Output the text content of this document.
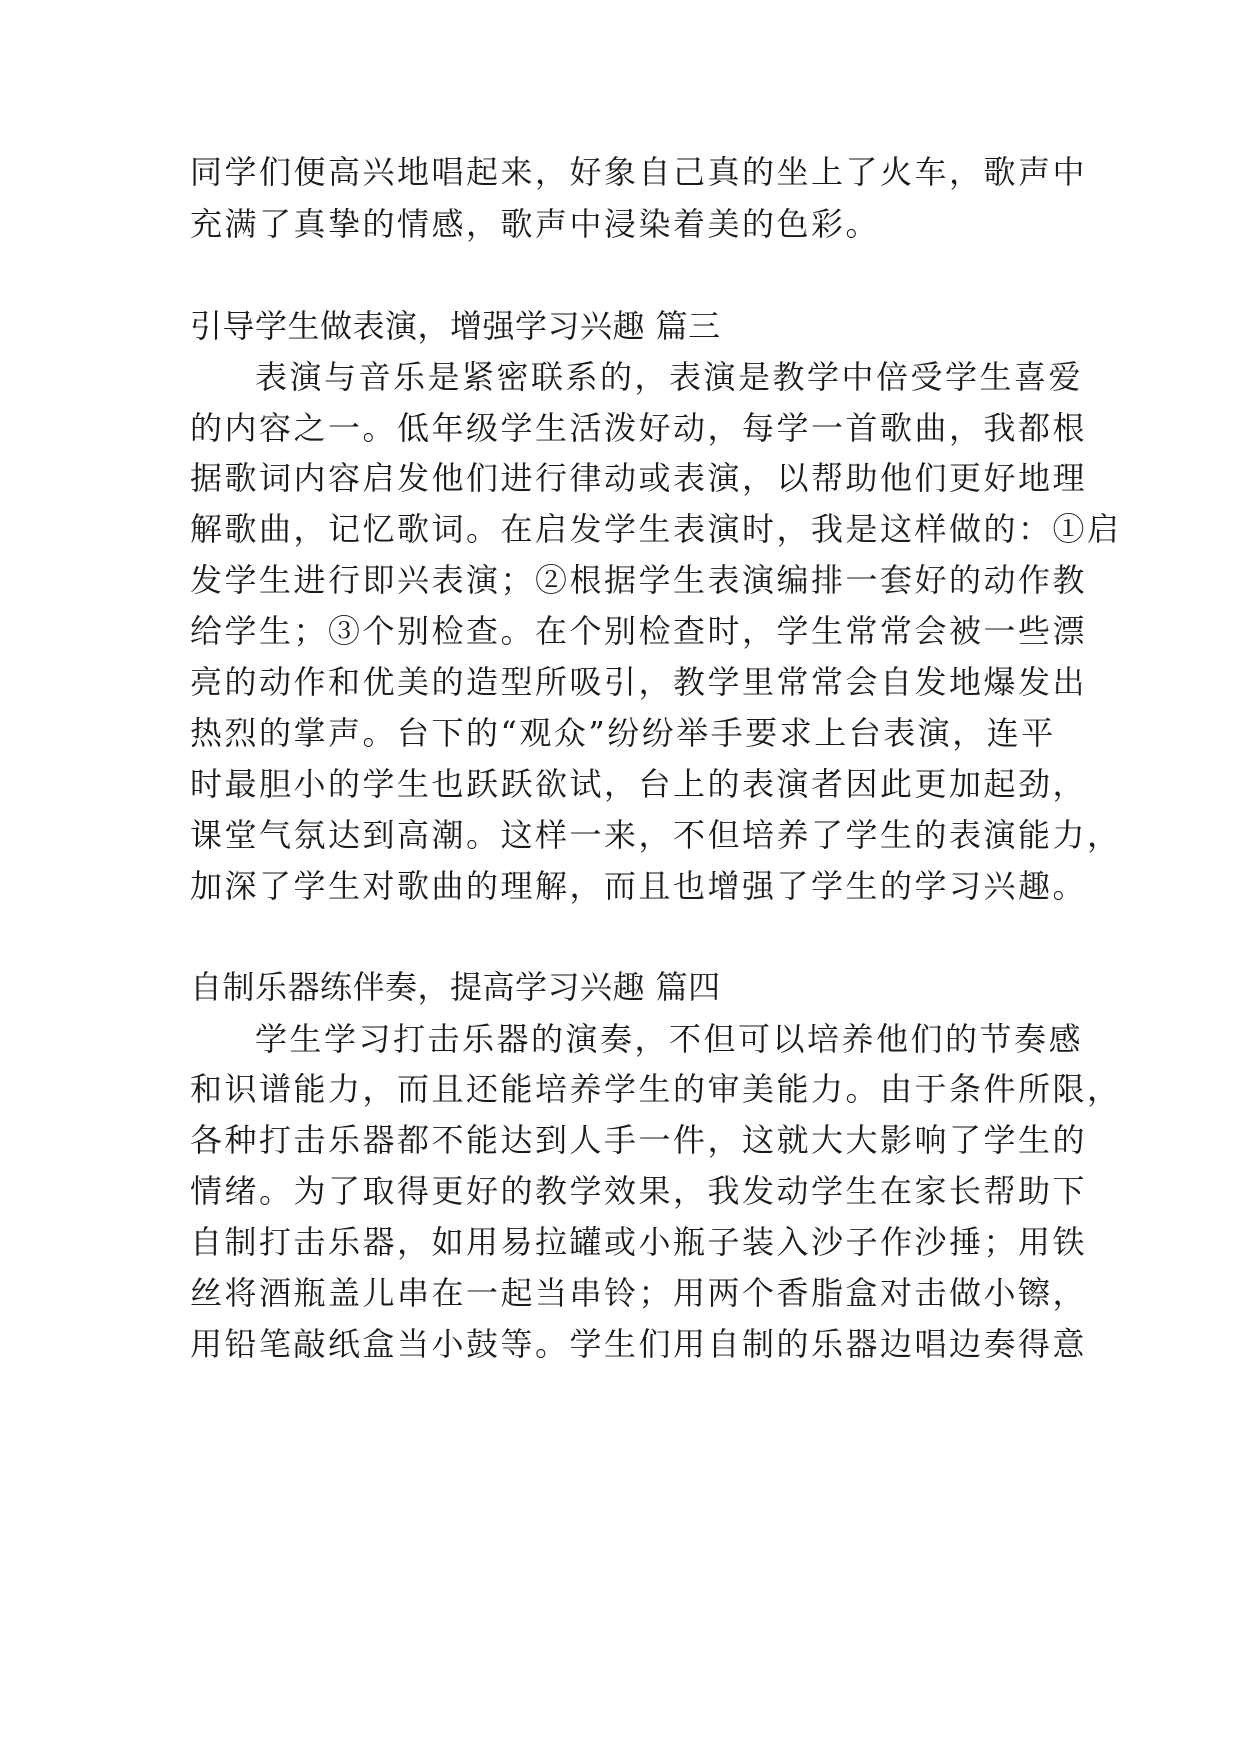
同学们便高兴地唱起来，好象自己真的坐上了火车，歌声中
充满了真挚的情感，歌声中浸染着美的色彩。
引导学生做表演，增强学习兴趣 篇三
表演与音乐是紧密联系的，表演是教学中倍受学生喜爱
的内容之一。低年级学生活泼好动，每学一首歌曲，我都根
据歌词内容启发他们进行律动或表演，以帮助他们更好地理
解歌曲，记忆歌词。在启发学生表演时，我是这样做的：①启
发学生进行即兴表演；②根据学生表演编排一套好的动作教
给学生；③个别检查。在个别检查时，学生常常会被一些漂
亮的动作和优美的造型所吸引，教学里常常会自发地爆发出
热烈的掌声。台下的“观众”纷纷举手要求上台表演，连平
时最胆小的学生也跃跃欲试，台上的表演者因此更加起劲，
课堂气氛达到高潮。这样一来，不但培养了学生的表演能力，
加深了学生对歌曲的理解，而且也增强了学生的学习兴趣。
自制乐器练伴奏，提高学习兴趣 篇四
学生学习打击乐器的演奏，不但可以培养他们的节奏感
和识谱能力，而且还能培养学生的审美能力。由于条件所限，
各种打击乐器都不能达到人手一件，这就大大影响了学生的
情绪。为了取得更好的教学效果，我发动学生在家长帮助下
自制打击乐器，如用易拉罐或小瓶子装入沙子作沙捶；用铁
丝将酒瓶盖儿串在一起当串铃；用两个香脂盒对击做小镲，
用铅笔敲纸盒当小鼓等。学生们用自制的乐器边唱边奏得意
